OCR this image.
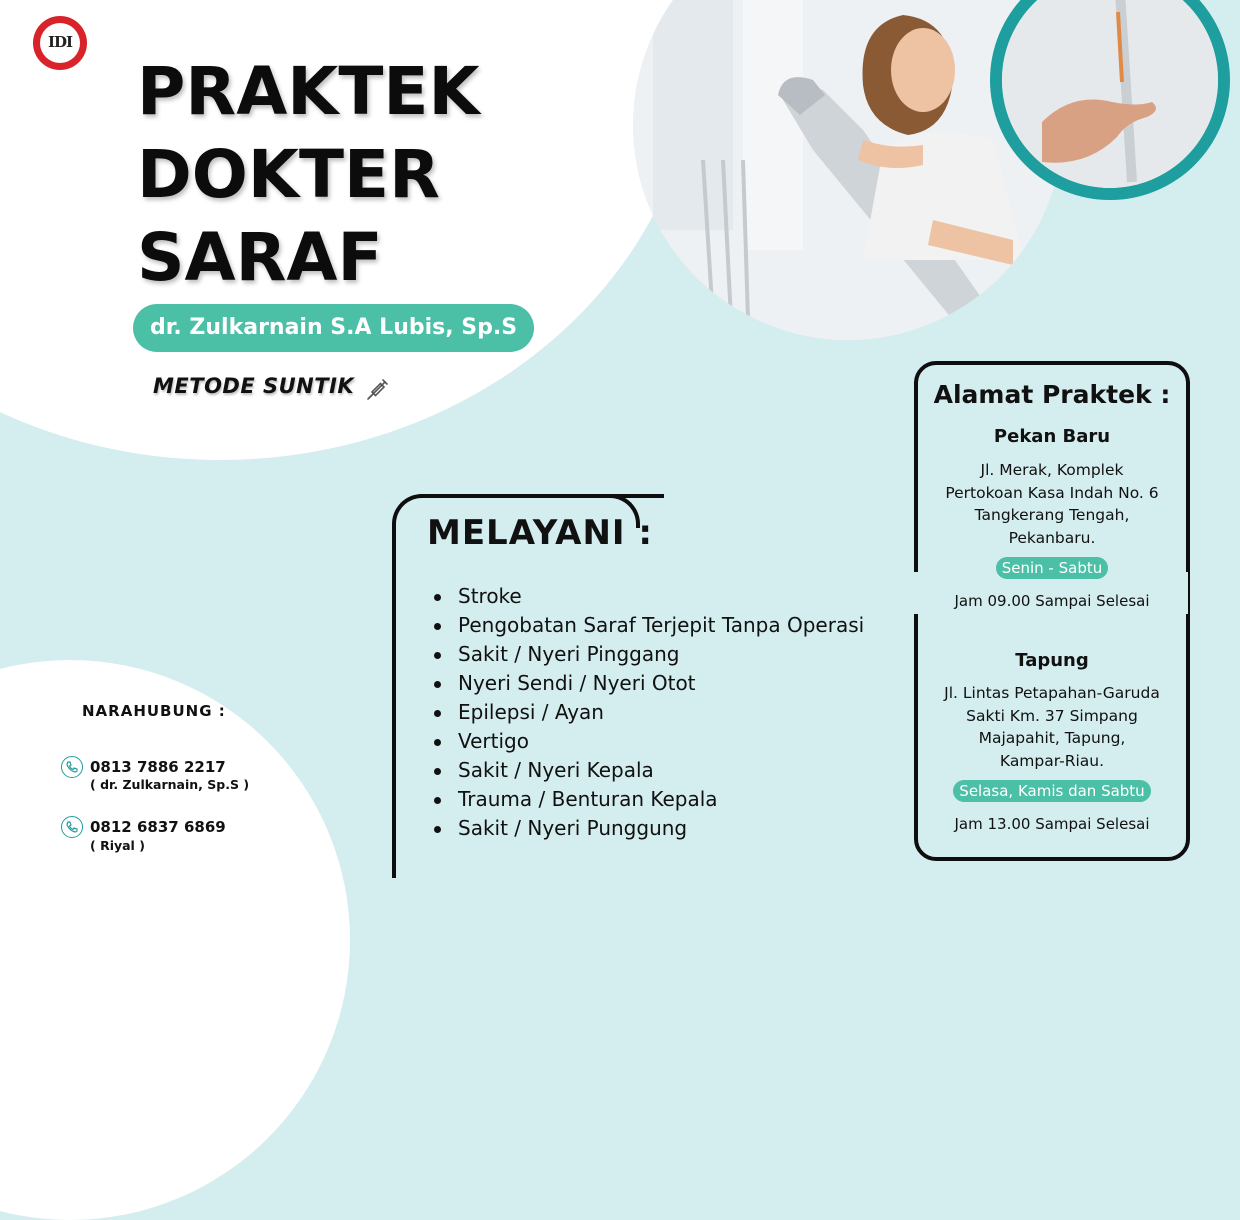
IDI
PRAKTEK
DOKTER
SARAF
dr. Zulkarnain S.A Lubis, Sp.S
METODE SUNTIK
MELAYANI :
Stroke
Pengobatan Saraf Terjepit Tanpa Operasi
Sakit / Nyeri Pinggang
Nyeri Sendi / Nyeri Otot
Epilepsi / Ayan
Vertigo
Sakit / Nyeri Kepala
Trauma / Benturan Kepala
Sakit / Nyeri Punggung
Alamat Praktek :
Pekan Baru
Jl. Merak, Komplek
Pertokoan Kasa Indah No. 6
Tangkerang Tengah,
Pekanbaru.
Senin - Sabtu
Jam 09.00 Sampai Selesai
Tapung
Jl. Lintas Petapahan-Garuda
Sakti Km. 37 Simpang
Majapahit, Tapung,
Kampar-Riau.
Selasa, Kamis dan Sabtu
Jam 13.00 Sampai Selesai
NARAHUBUNG :
0813 7886 2217
( dr. Zulkarnain, Sp.S )
0812 6837 6869
( Riyal )
